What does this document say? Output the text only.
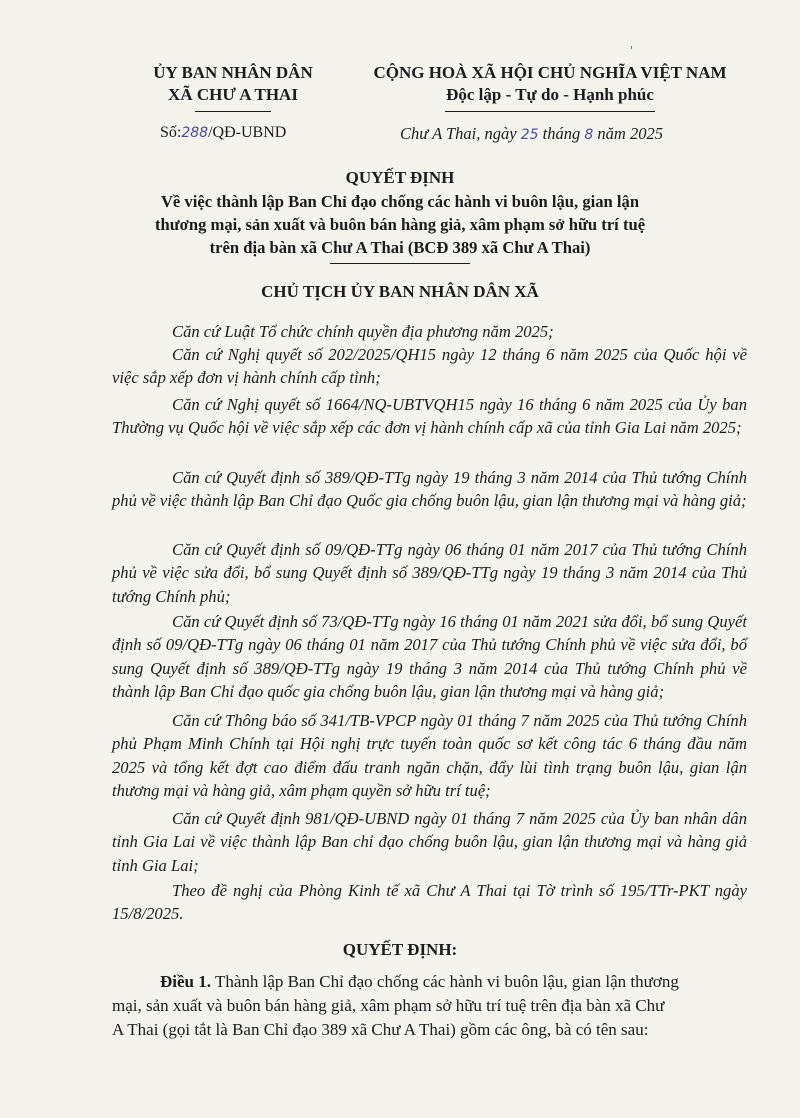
'
ỦY BAN NHÂN DÂN
XÃ CHƯ A THAI
CỘNG HOÀ XÃ HỘI CHỦ NGHĨA VIỆT NAM
Độc lập - Tự do - Hạnh phúc
Số:288/QĐ-UBND	Chư A Thai, ngày 25 tháng 8 năm 2025
QUYẾT ĐỊNH
Về việc thành lập Ban Chỉ đạo chống các hành vi buôn lậu, gian lận
thương mại, sản xuất và buôn bán hàng giả, xâm phạm sở hữu trí tuệ
trên địa bàn xã Chư A Thai (BCĐ 389 xã Chư A Thai)
CHỦ TỊCH ỦY BAN NHÂN DÂN XÃ

Căn cứ Luật Tổ chức chính quyền địa phương năm 2025;

Căn cứ Nghị quyết số 202/2025/QH15 ngày 12 tháng 6 năm 2025 của Quốc hội về việc sắp xếp đơn vị hành chính cấp tỉnh;

Căn cứ Nghị quyết số 1664/NQ-UBTVQH15 ngày 16 tháng 6 năm 2025 của Ủy ban Thường vụ Quốc hội về việc sắp xếp các đơn vị hành chính cấp xã của tỉnh Gia Lai năm 2025;

Căn cứ Quyết định số 389/QĐ-TTg ngày 19 tháng 3 năm 2014 của Thủ tướng Chính phủ về việc thành lập Ban Chỉ đạo Quốc gia chống buôn lậu, gian lận thương mại và hàng giả;

Căn cứ Quyết định số 09/QĐ-TTg ngày 06 tháng 01 năm 2017 của Thủ tướng Chính phủ về việc sửa đổi, bổ sung Quyết định số 389/QĐ-TTg ngày 19 tháng 3 năm 2014 của Thủ tướng Chính phủ;

Căn cứ Quyết định số 73/QĐ-TTg ngày 16 tháng 01 năm 2021 sửa đổi, bổ sung Quyết định số 09/QĐ-TTg ngày 06 tháng 01 năm 2017 của Thủ tướng Chính phủ về việc sửa đổi, bổ sung Quyết định số 389/QĐ-TTg ngày 19 tháng 3 năm 2014 của Thủ tướng Chính phủ về thành lập Ban Chỉ đạo quốc gia chống buôn lậu, gian lận thương mại và hàng giả;

Căn cứ Thông báo số 341/TB-VPCP ngày 01 tháng 7 năm 2025 của Thủ tướng Chính phủ Phạm Minh Chính tại Hội nghị trực tuyến toàn quốc sơ kết công tác 6 tháng đầu năm 2025 và tổng kết đợt cao điểm đấu tranh ngăn chặn, đẩy lùi tình trạng buôn lậu, gian lận thương mại và hàng giả, xâm phạm quyền sở hữu trí tuệ;

Căn cứ Quyết định 981/QĐ-UBND ngày 01 tháng 7 năm 2025 của Ủy ban nhân dân tỉnh Gia Lai về việc thành lập Ban chỉ đạo chống buôn lậu, gian lận thương mại và hàng giả tỉnh Gia Lai;

Theo đề nghị của Phòng Kinh tế xã Chư A Thai tại Tờ trình số 195/TTr-PKT ngày 15/8/2025.

QUYẾT ĐỊNH:
Điều 1. Thành lập Ban Chỉ đạo chống các hành vi buôn lậu, gian lận thương
mại, sản xuất và buôn bán hàng giả, xâm phạm sở hữu trí tuệ trên địa bàn xã Chư
A Thai (gọi tắt là Ban Chỉ đạo 389 xã Chư A Thai) gồm các ông, bà có tên sau:
